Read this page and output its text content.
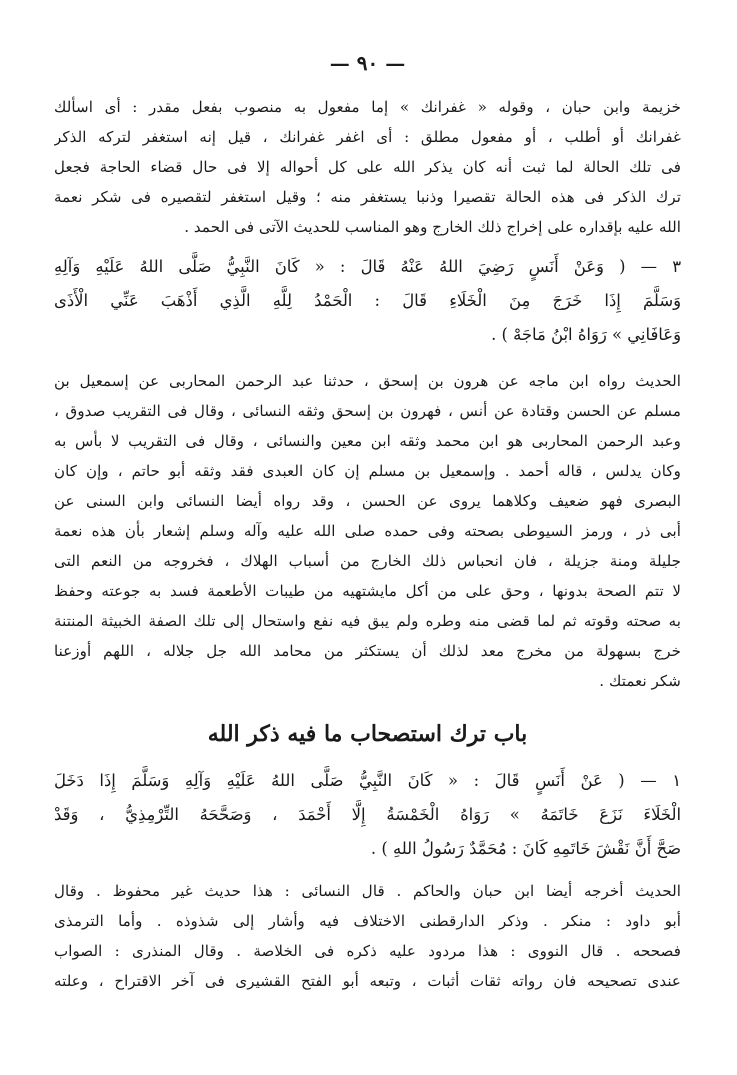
— ٩٠ —
خزيمة وابن حبان ، وقوله « غفرانك » إما مفعول به منصوب بفعل مقدر : أى اسألك
غفرانك أو أطلب ، أو مفعول مطلق : أى اغفر غفرانك ، قيل إنه استغفر لتركه الذكر
فى تلك الحالة لما ثبت أنه كان يذكر الله على كل أحواله إلا فى حال قضاء الحاجة فجعل
ترك الذكر فى هذه الحالة تقصيرا وذنبا يستغفر منه ؛ وقيل استغفر لتقصيره فى شكر نعمة
الله عليه بإقداره على إخراج ذلك الخارج وهو المناسب للحديث الآتى فى الحمد .
٣ — ( وَعَنْ أَنَسٍ رَضِيَ اللهُ عَنْهُ قَالَ : « كَانَ النَّبِيُّ صَلَّى اللهُ عَلَيْهِ وَآلِهِ
وَسَلَّمَ إِذَا خَرَجَ مِنَ الْخَلَاءِ قَالَ : الْحَمْدُ لِلَّهِ الَّذِي أَذْهَبَ عَنِّي الْأَذَى
وَعَافَانِي » رَوَاهُ ابْنُ مَاجَهْ ) .
الحديث رواه ابن ماجه عن هرون بن إسحق ، حدثنا عبد الرحمن المحاربى عن إسمعيل بن
مسلم عن الحسن وقتادة عن أنس ، فهرون بن إسحق وثقه النسائى ، وقال فى التقريب صدوق ،
وعبد الرحمن المحاربى هو ابن محمد وثقه ابن معين والنسائى ، وقال فى التقريب لا بأس به
وكان يدلس ، قاله أحمد . وإسمعيل بن مسلم إن كان العبدى فقد وثقه أبو حاتم ، وإن كان
البصرى فهو ضعيف وكلاهما يروى عن الحسن ، وقد رواه أيضا النسائى وابن السنى عن
أبى ذر ، ورمز السيوطى بصحته وفى حمده صلى الله عليه وآله وسلم إشعار بأن هذه نعمة
جليلة ومنة جزيلة ، فان انحباس ذلك الخارج من أسباب الهلاك ، فخروجه من النعم التى
لا تتم الصحة بدونها ، وحق على من أكل مايشتهيه من طيبات الأطعمة فسد به جوعته وحفظ
به صحته وقوته ثم لما قضى منه وطره ولم يبق فيه نفع واستحال إلى تلك الصفة الخبيثة المنتنة
خرج بسهولة من مخرج معد لذلك أن يستكثر من محامد الله جل جلاله ، اللهم أوزعنا
شكر نعمتك .
باب ترك استصحاب ما فيه ذكر الله
١ — ( عَنْ أَنَسٍ قَالَ : « كَانَ النَّبِيُّ صَلَّى اللهُ عَلَيْهِ وَآلِهِ وَسَلَّمَ إِذَا دَخَلَ
الْخَلَاءَ نَزَعَ خَاتَمَهُ » رَوَاهُ الْخَمْسَةُ إِلَّا أَحْمَدَ ، وَصَحَّحَهُ التِّرْمِذِيُّ ، وَقَدْ
صَحَّ أَنَّ نَقْشَ خَاتَمِهِ كَانَ : مُحَمَّدٌ رَسُولُ اللهِ ) .
الحديث أخرجه أيضا ابن حبان والحاكم . قال النسائى : هذا حديث غير محفوظ . وقال
أبو داود : منكر . وذكر الدارقطنى الاختلاف فيه وأشار إلى شذوذه . وأما الترمذى
فصححه . قال النووى : هذا مردود عليه ذكره فى الخلاصة . وقال المنذرى : الصواب
عندى تصحيحه فان رواته ثقات أثبات ، وتبعه أبو الفتح القشيرى فى آخر الاقتراح ، وعلته
